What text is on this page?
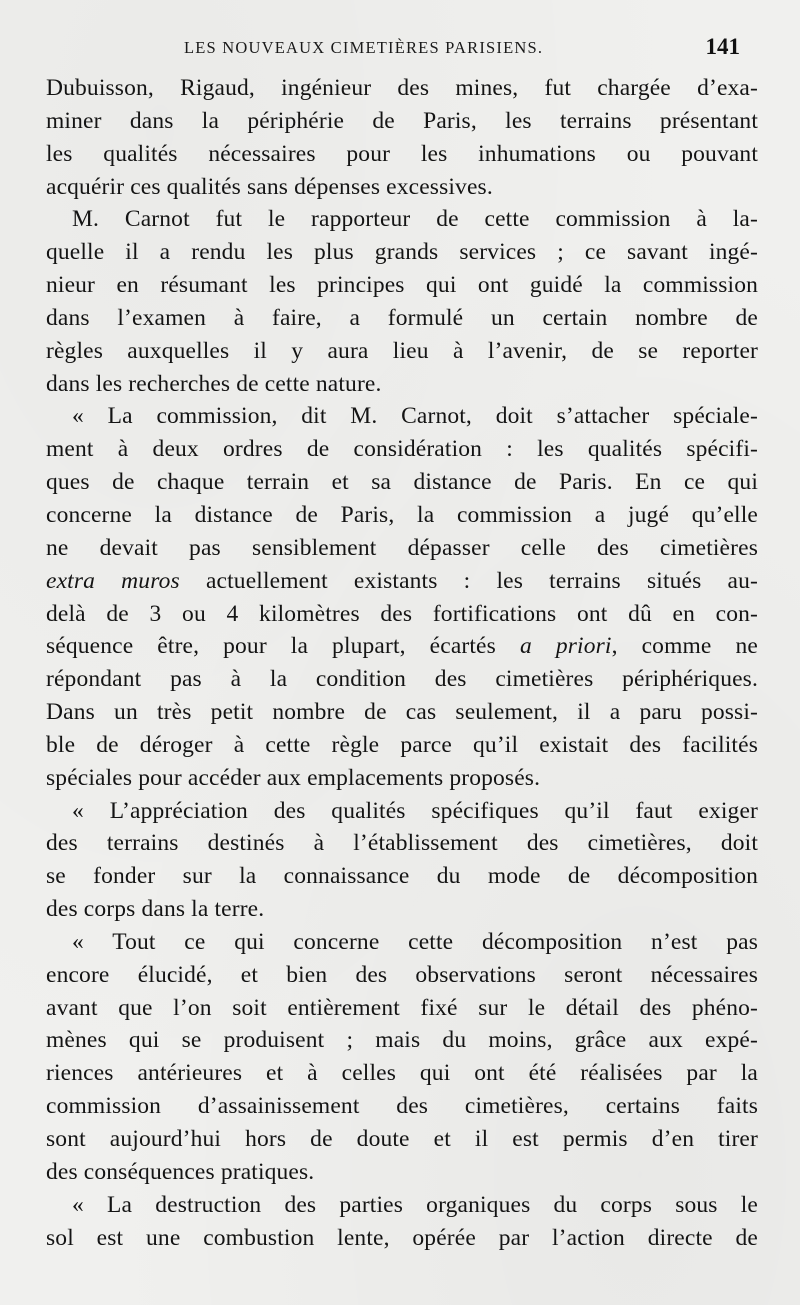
LES NOUVEAUX CIMETIÈRES PARISIENS.	141
Dubuisson, Rigaud, ingénieur des mines, fut chargée d’exa-
miner dans la périphérie de Paris, les terrains présentant
les qualités nécessaires pour les inhumations ou pouvant
acquérir ces qualités sans dépenses excessives.
M. Carnot fut le rapporteur de cette commission à la-
quelle il a rendu les plus grands services ; ce savant ingé-
nieur en résumant les principes qui ont guidé la commission
dans l’examen à faire, a formulé un certain nombre de
règles auxquelles il y aura lieu à l’avenir, de se reporter
dans les recherches de cette nature.
« La commission, dit M. Carnot, doit s’attacher spéciale-
ment à deux ordres de considération : les qualités spécifi-
ques de chaque terrain et sa distance de Paris. En ce qui
concerne la distance de Paris, la commission a jugé qu’elle
ne devait pas sensiblement dépasser celle des cimetières
extra muros actuellement existants : les terrains situés au-
delà de 3 ou 4 kilomètres des fortifications ont dû en con-
séquence être, pour la plupart, écartés a priori, comme ne
répondant pas à la condition des cimetières périphériques.
Dans un très petit nombre de cas seulement, il a paru possi-
ble de déroger à cette règle parce qu’il existait des facilités
spéciales pour accéder aux emplacements proposés.
« L’appréciation des qualités spécifiques qu’il faut exiger
des terrains destinés à l’établissement des cimetières, doit
se fonder sur la connaissance du mode de décomposition
des corps dans la terre.
« Tout ce qui concerne cette décomposition n’est pas
encore élucidé, et bien des observations seront nécessaires
avant que l’on soit entièrement fixé sur le détail des phéno-
mènes qui se produisent ; mais du moins, grâce aux expé-
riences antérieures et à celles qui ont été réalisées par la
commission d’assainissement des cimetières, certains faits
sont aujourd’hui hors de doute et il est permis d’en tirer
des conséquences pratiques.
« La destruction des parties organiques du corps sous le
sol est une combustion lente, opérée par l’action directe de
